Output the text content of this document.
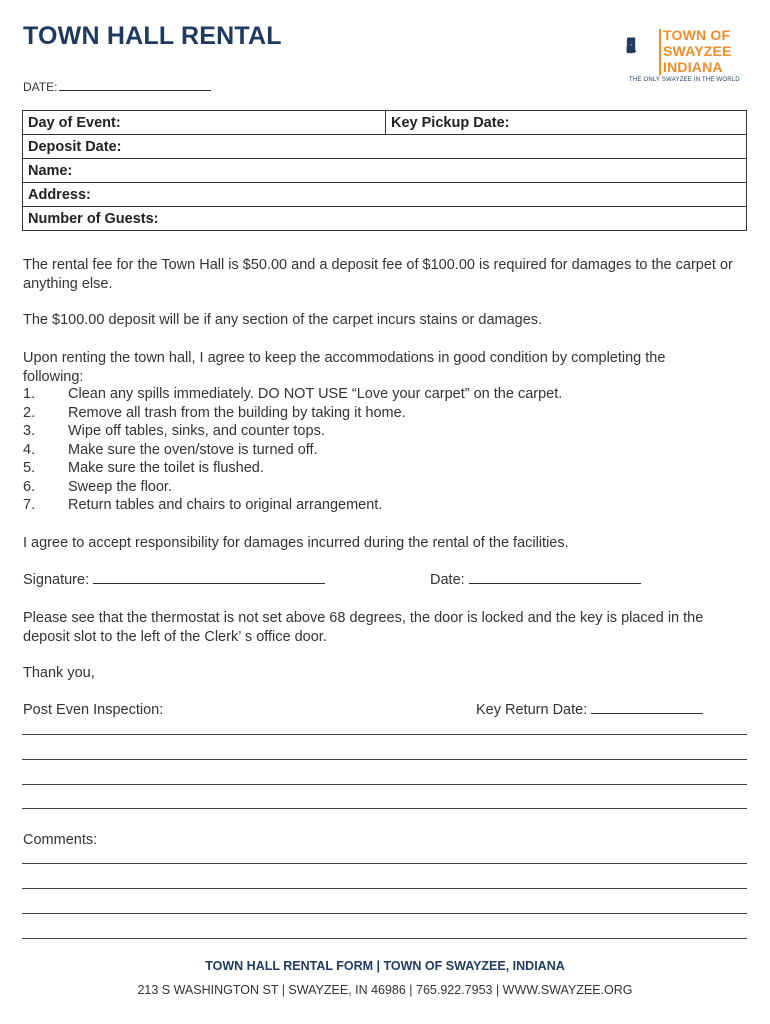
TOWN HALL RENTAL
DATE:
TOWN OF
SWAYZEE
INDIANA
THE ONLY SWAYZEE IN THE WORLD
Day of Event:	Key Pickup Date:
Deposit Date:
Name:
Address:
Number of Guests:
The rental fee for the Town Hall is $50.00 and a deposit fee of $100.00 is required for damages to the carpet or anything else.
The $100.00 deposit will be if any section of the carpet incurs stains or damages.
Upon renting the town hall, I agree to keep the accommodations in good condition by completing the following:
1.	Clean any spills immediately. DO NOT USE “Love your carpet” on the carpet.
2.	Remove all trash from the building by taking it home.
3.	Wipe off tables, sinks, and counter tops.
4.	Make sure the oven/stove is turned off.
5.	Make sure the toilet is flushed.
6.	Sweep the floor.
7.	Return tables and chairs to original arrangement.
I agree to accept responsibility for damages incurred during the rental of the facilities.
Signature:	Date:
Please see that the thermostat is not set above 68 degrees, the door is locked and the key is placed in the deposit slot to the left of the Clerk’ s office door.
Thank you,
Post Even Inspection:	Key Return Date:
Comments:
TOWN HALL RENTAL FORM | TOWN OF SWAYZEE, INDIANA
213 S WASHINGTON ST | SWAYZEE, IN 46986 | 765.922.7953 | WWW.SWAYZEE.ORG
